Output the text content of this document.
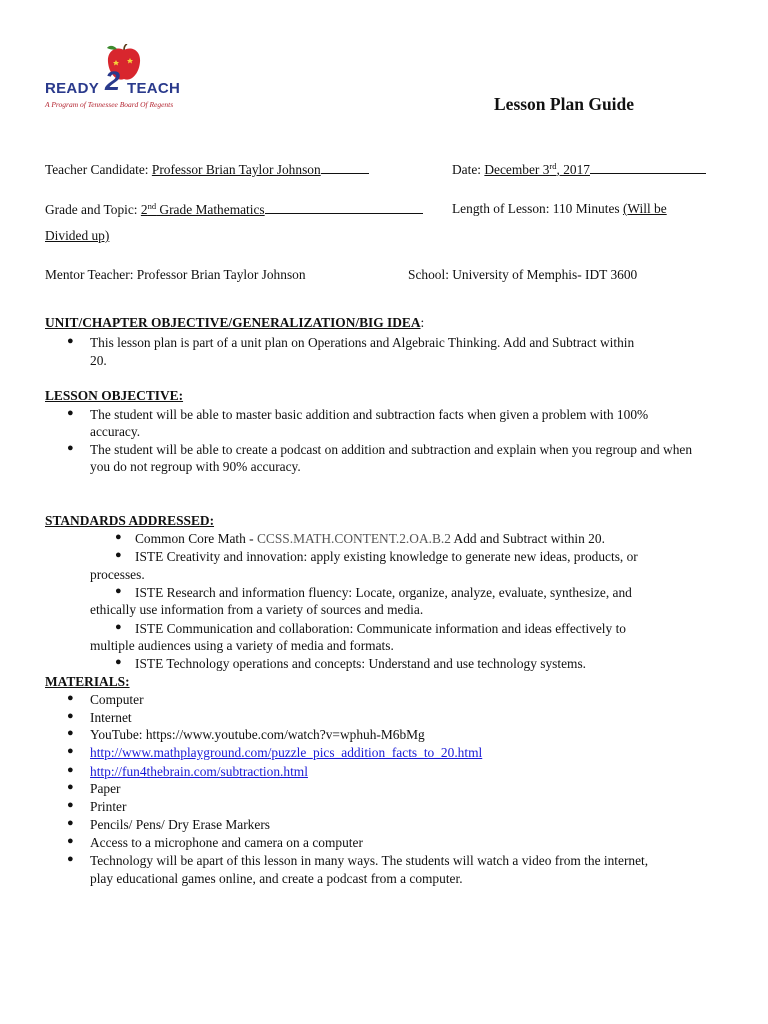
READY 2 TEACH
A Program of Tennessee Board Of Regents	Lesson Plan Guide
Teacher Candidate: Professor Brian Taylor Johnson	Date: December 3rd, 2017
Grade and Topic: 2nd Grade Mathematics	Length of Lesson: 110 Minutes (Will be
Divided up)
Mentor Teacher: Professor Brian Taylor Johnson	School: University of Memphis- IDT 3600
UNIT/CHAPTER OBJECTIVE/GENERALIZATION/BIG IDEA:
● This lesson plan is part of a unit plan on Operations and Algebraic Thinking. Add and Subtract within
20.
LESSON OBJECTIVE:
● The student will be able to master basic addition and subtraction facts when given a problem with 100%
accuracy.
● The student will be able to create a podcast on addition and subtraction and explain when you regroup and when
you do not regroup with 90% accuracy.
STANDARDS ADDRESSED:
● Common Core Math - CCSS.MATH.CONTENT.2.OA.B.2 Add and Subtract within 20.
● ISTE Creativity and innovation: apply existing knowledge to generate new ideas, products, or
processes.
● ISTE Research and information fluency: Locate, organize, analyze, evaluate, synthesize, and
ethically use information from a variety of sources and media.
● ISTE Communication and collaboration: Communicate information and ideas effectively to
multiple audiences using a variety of media and formats.
● ISTE Technology operations and concepts: Understand and use technology systems.
MATERIALS:
● Computer
● Internet
● YouTube: https://www.youtube.com/watch?v=wphuh-M6bMg
● http://www.mathplayground.com/puzzle_pics_addition_facts_to_20.html
● http://fun4thebrain.com/subtraction.html
● Paper
● Printer
● Pencils/ Pens/ Dry Erase Markers
● Access to a microphone and camera on a computer
● Technology will be apart of this lesson in many ways. The students will watch a video from the internet,
play educational games online, and create a podcast from a computer.
